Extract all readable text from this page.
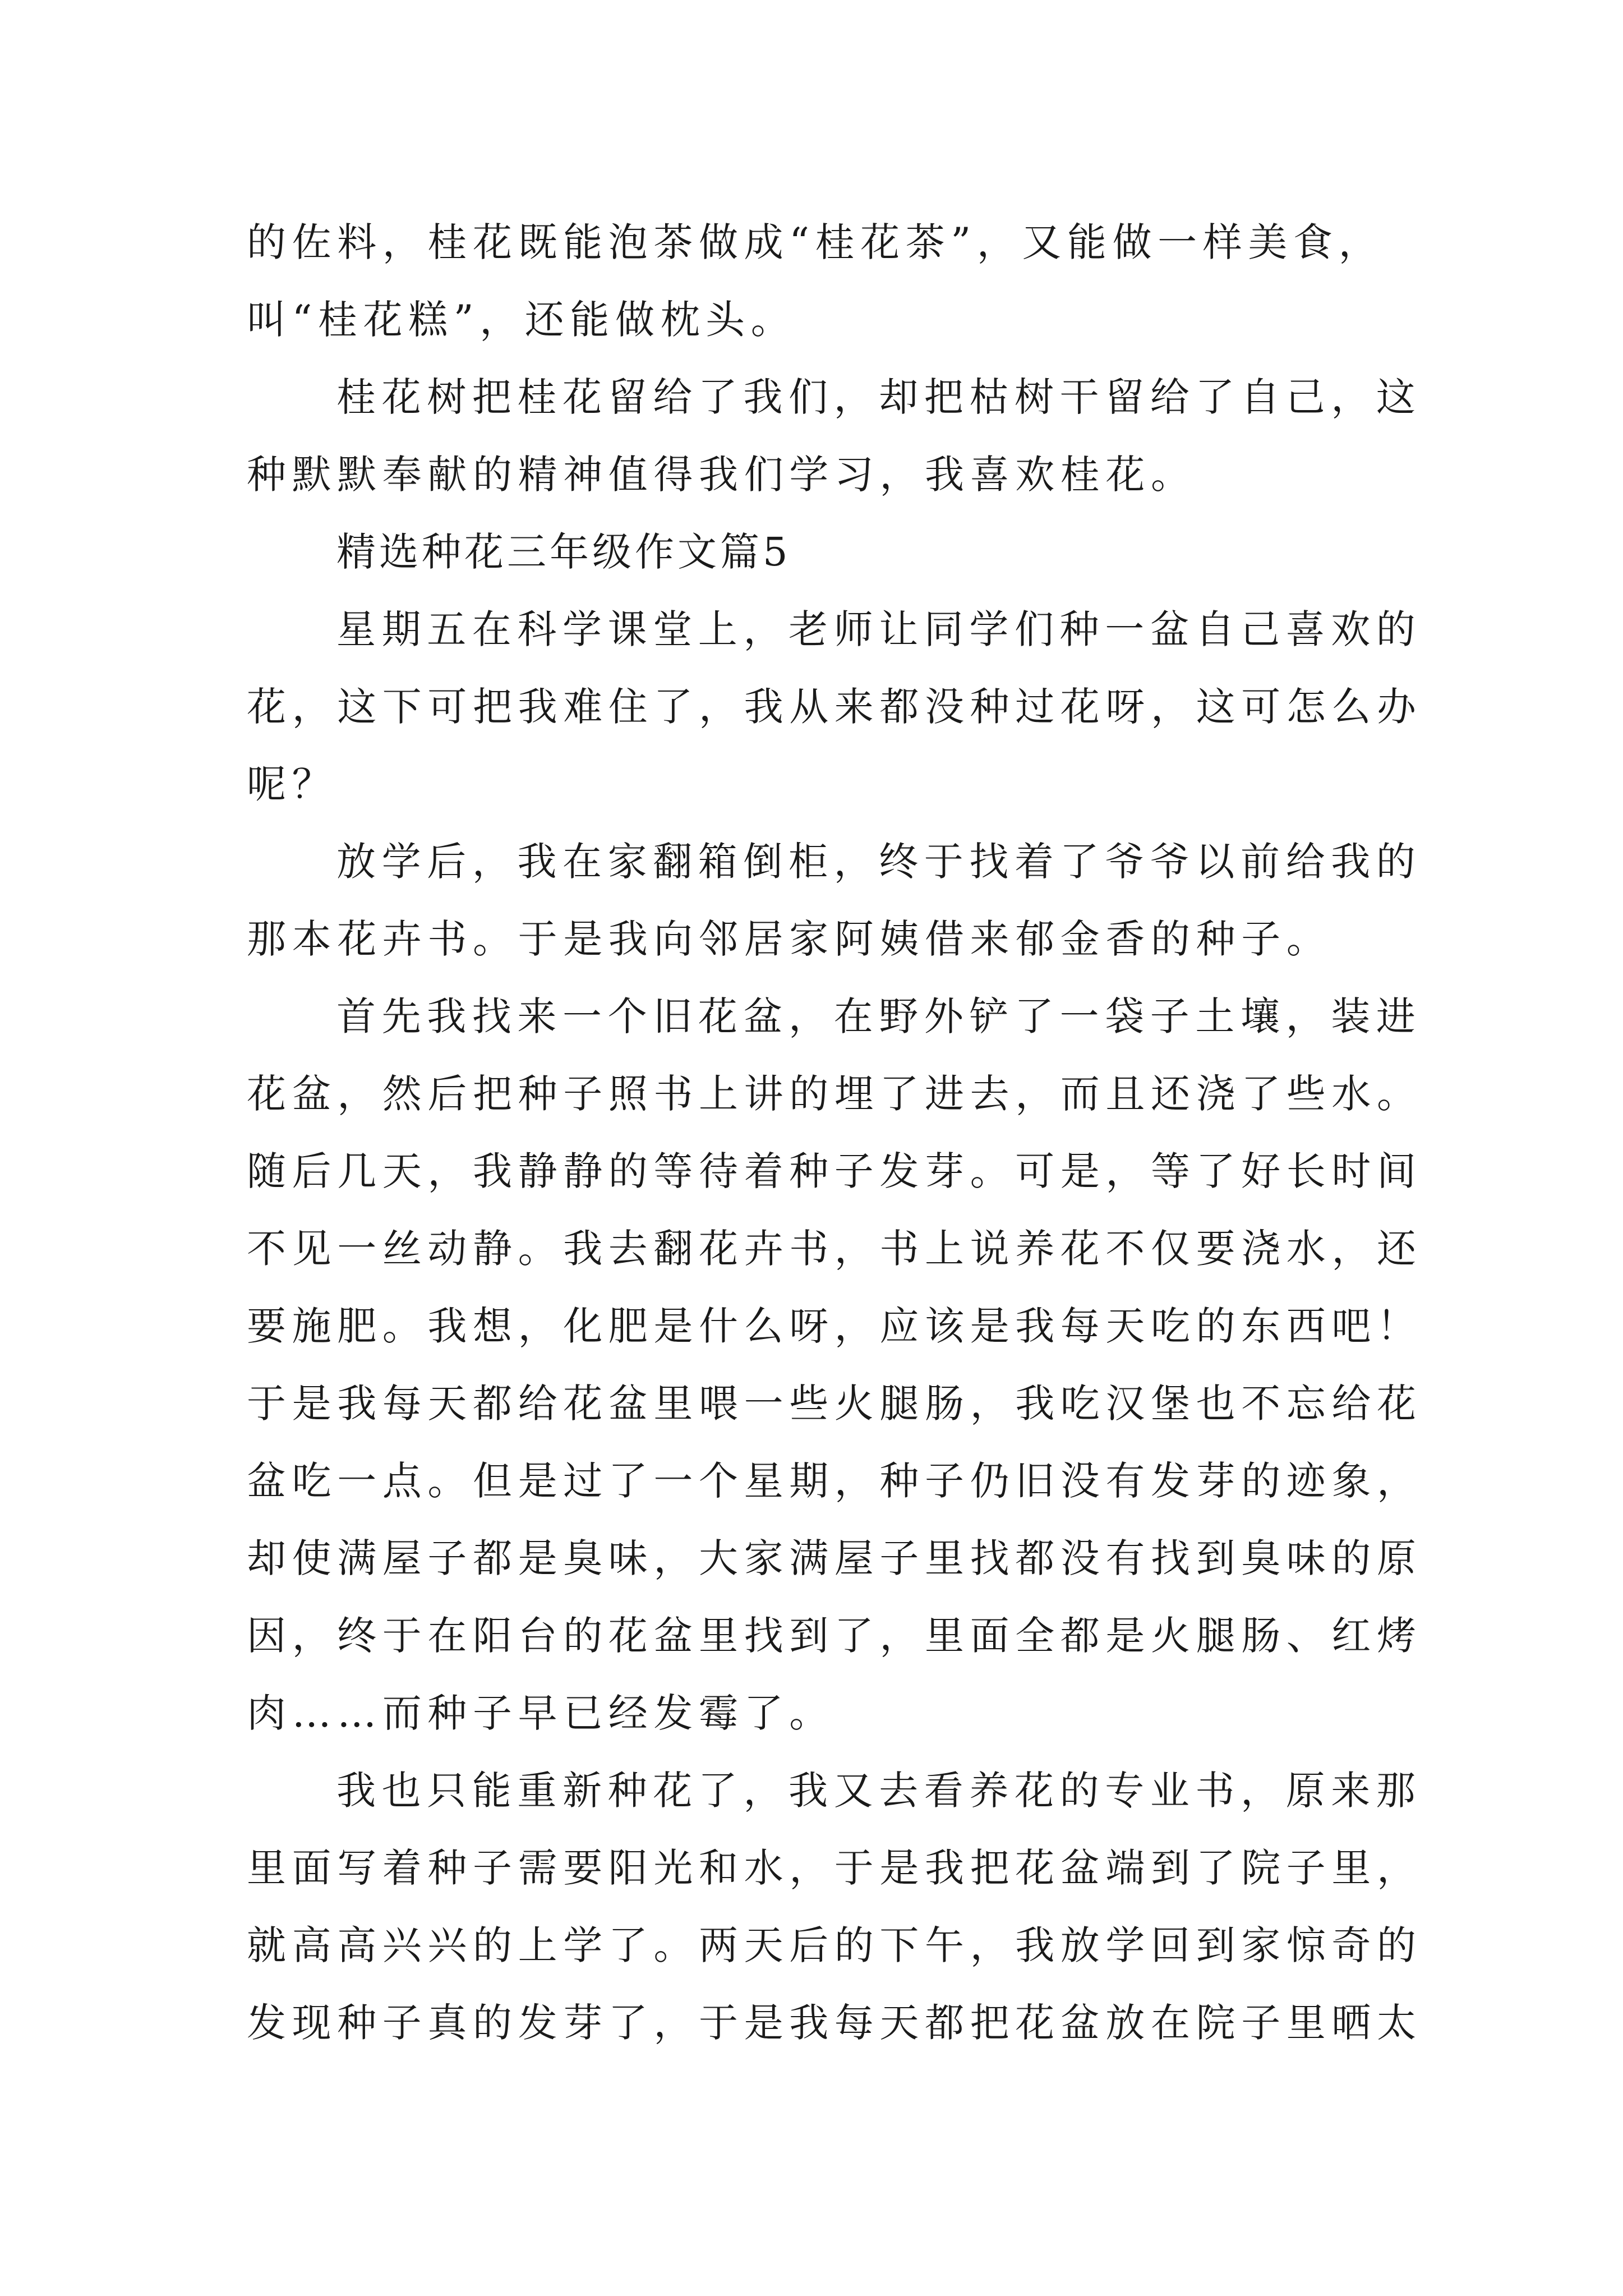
的佐料，桂花既能泡茶做成“桂花茶”，又能做一样美食，
叫“桂花糕”，还能做枕头。
桂花树把桂花留给了我们，却把枯树干留给了自己，这
种默默奉献的精神值得我们学习，我喜欢桂花。
精选种花三年级作文篇5
星期五在科学课堂上，老师让同学们种一盆自己喜欢的
花，这下可把我难住了，我从来都没种过花呀，这可怎么办
呢？
放学后，我在家翻箱倒柜，终于找着了爷爷以前给我的
那本花卉书。于是我向邻居家阿姨借来郁金香的种子。
首先我找来一个旧花盆，在野外铲了一袋子土壤，装进
花盆，然后把种子照书上讲的埋了进去，而且还浇了些水。
随后几天，我静静的等待着种子发芽。可是，等了好长时间
不见一丝动静。我去翻花卉书，书上说养花不仅要浇水，还
要施肥。我想，化肥是什么呀，应该是我每天吃的东西吧！
于是我每天都给花盆里喂一些火腿肠，我吃汉堡也不忘给花
盆吃一点。但是过了一个星期，种子仍旧没有发芽的迹象，
却使满屋子都是臭味，大家满屋子里找都没有找到臭味的原
因，终于在阳台的花盆里找到了，里面全都是火腿肠、红烤
肉……而种子早已经发霉了。
我也只能重新种花了，我又去看养花的专业书，原来那
里面写着种子需要阳光和水，于是我把花盆端到了院子里，
就高高兴兴的上学了。两天后的下午，我放学回到家惊奇的
发现种子真的发芽了，于是我每天都把花盆放在院子里晒太
